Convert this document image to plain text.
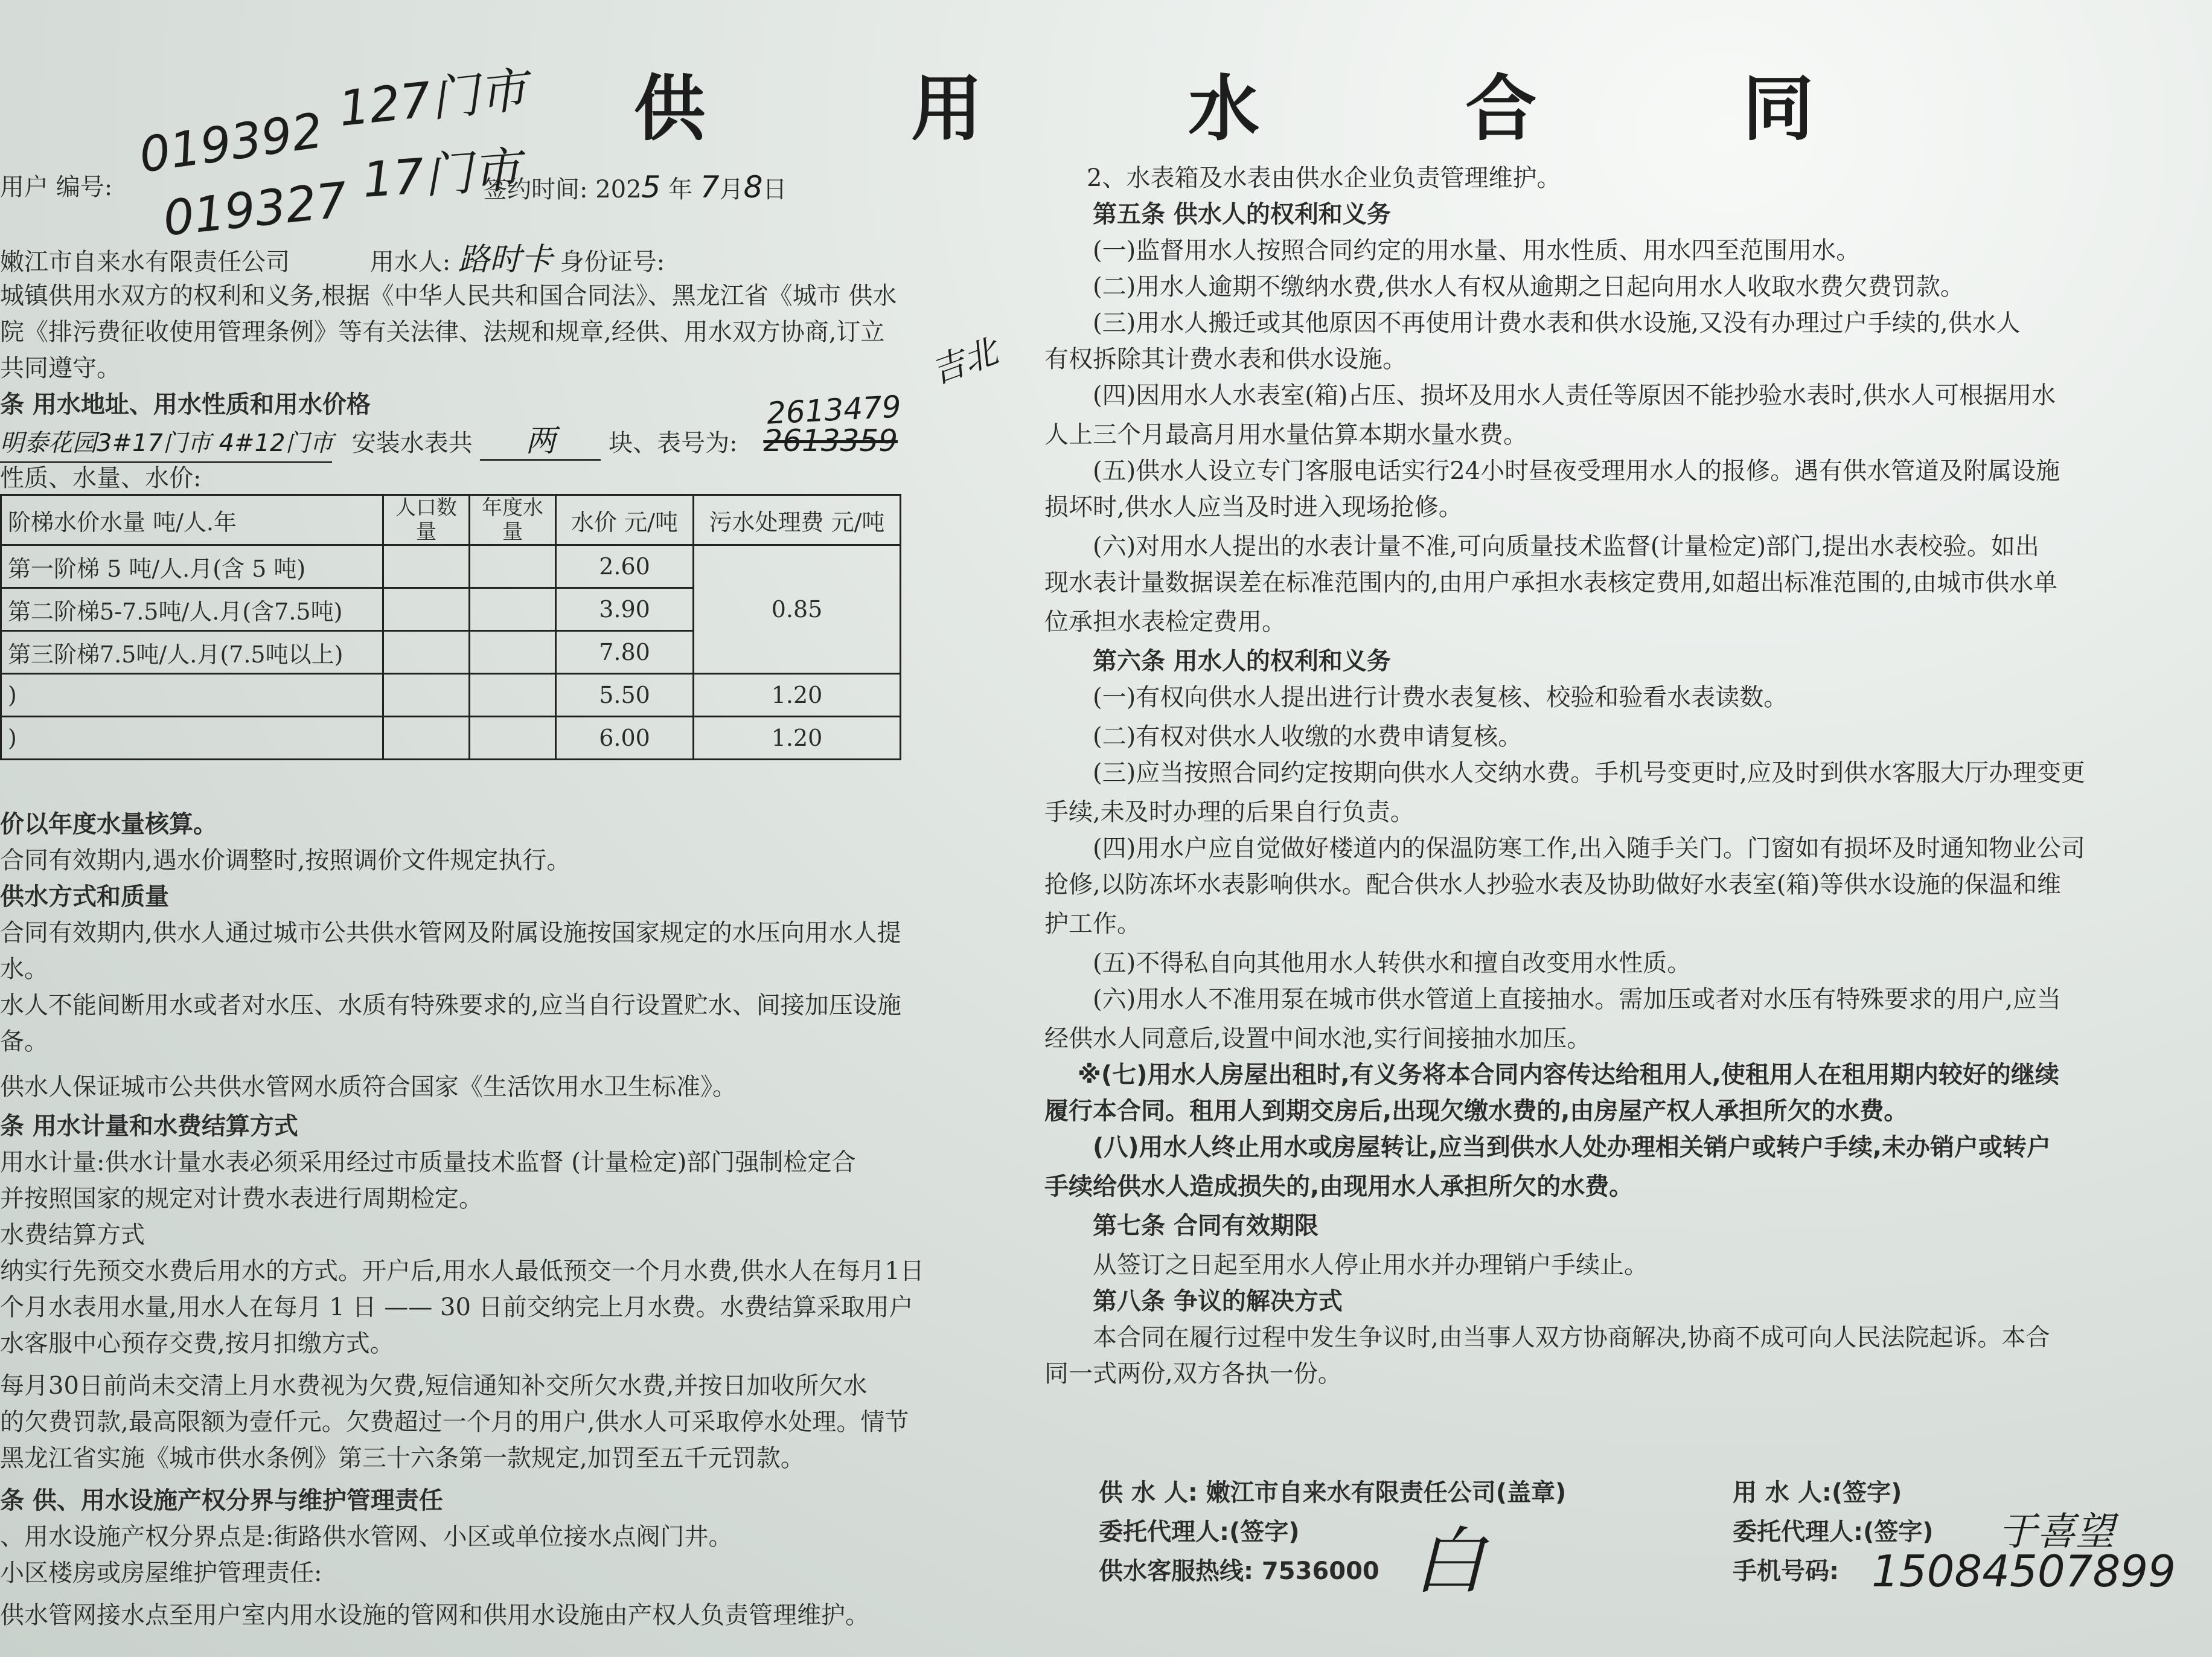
供 用 水 合 同
019392
019327
127门市
17门市
用户 编号:	签约时间: 2025 年 7月8日
嫩江市自来水有限责任公司	用水人: 路时卡 身份证号:
城镇供用水双方的权利和义务,根据《中华人民共和国合同法》、黑龙江省《城市 供水
院《排污费征收使用管理条例》等有关法律、法规和规章,经供、用水双方协商,订立
共同遵守。	吉北
条 用水地址、用水性质和用水价格	2613479
明泰花园3#17门市 4#12门市 安装水表共 两 块、表号为: 2613359
性质、水量、水价:
阶梯水价水量 吨/人.年	人口数量	年度水量	水价 元/吨	污水处理费 元/吨
第一阶梯 5 吨/人.月(含 5 吨)			2.60	0.85
第二阶梯5-7.5吨/人.月(含7.5吨)			3.90	
第三阶梯7.5吨/人.月(7.5吨以上)			7.80	
)			5.50	1.20
)			6.00	1.20
价以年度水量核算。
合同有效期内,遇水价调整时,按照调价文件规定执行。
供水方式和质量
合同有效期内,供水人通过城市公共供水管网及附属设施按国家规定的水压向用水人提
水。
水人不能间断用水或者对水压、水质有特殊要求的,应当自行设置贮水、间接加压设施
备。
供水人保证城市公共供水管网水质符合国家《生活饮用水卫生标准》。
条 用水计量和水费结算方式
用水计量:供水计量水表必须采用经过市质量技术监督 (计量检定)部门强制检定合
并按照国家的规定对计费水表进行周期检定。
水费结算方式
纳实行先预交水费后用水的方式。开户后,用水人最低预交一个月水费,供水人在每月1日
个月水表用水量,用水人在每月 1 日 —— 30 日前交纳完上月水费。水费结算采取用户
水客服中心预存交费,按月扣缴方式。
每月30日前尚未交清上月水费视为欠费,短信通知补交所欠水费,并按日加收所欠水
的欠费罚款,最高限额为壹仟元。欠费超过一个月的用户,供水人可采取停水处理。情节
黑龙江省实施《城市供水条例》第三十六条第一款规定,加罚至五千元罚款。
条 供、用水设施产权分界与维护管理责任
、用水设施产权分界点是:街路供水管网、小区或单位接水点阀门井。
小区楼房或房屋维护管理责任:
供水管网接水点至用户室内用水设施的管网和供用水设施由产权人负责管理维护。
2、水表箱及水表由供水企业负责管理维护。
第五条 供水人的权利和义务
(一)监督用水人按照合同约定的用水量、用水性质、用水四至范围用水。
(二)用水人逾期不缴纳水费,供水人有权从逾期之日起向用水人收取水费欠费罚款。
(三)用水人搬迁或其他原因不再使用计费水表和供水设施,又没有办理过户手续的,供水人
有权拆除其计费水表和供水设施。
(四)因用水人水表室(箱)占压、损坏及用水人责任等原因不能抄验水表时,供水人可根据用水
人上三个月最高月用水量估算本期水量水费。
(五)供水人设立专门客服电话实行24小时昼夜受理用水人的报修。遇有供水管道及附属设施
损坏时,供水人应当及时进入现场抢修。
(六)对用水人提出的水表计量不准,可向质量技术监督(计量检定)部门,提出水表校验。如出
现水表计量数据误差在标准范围内的,由用户承担水表核定费用,如超出标准范围的,由城市供水单
位承担水表检定费用。
第六条 用水人的权利和义务
(一)有权向供水人提出进行计费水表复核、校验和验看水表读数。
(二)有权对供水人收缴的水费申请复核。
(三)应当按照合同约定按期向供水人交纳水费。手机号变更时,应及时到供水客服大厅办理变更
手续,未及时办理的后果自行负责。
(四)用水户应自觉做好楼道内的保温防寒工作,出入随手关门。门窗如有损坏及时通知物业公司
抢修,以防冻坏水表影响供水。配合供水人抄验水表及协助做好水表室(箱)等供水设施的保温和维
护工作。
(五)不得私自向其他用水人转供水和擅自改变用水性质。
(六)用水人不准用泵在城市供水管道上直接抽水。需加压或者对水压有特殊要求的用户,应当
经供水人同意后,设置中间水池,实行间接抽水加压。
※(七)用水人房屋出租时,有义务将本合同内容传达给租用人,使租用人在租用期内较好的继续
履行本合同。租用人到期交房后,出现欠缴水费的,由房屋产权人承担所欠的水费。
(八)用水人终止用水或房屋转让,应当到供水人处办理相关销户或转户手续,未办销户或转户
手续给供水人造成损失的,由现用水人承担所欠的水费。
第七条 合同有效期限
从签订之日起至用水人停止用水并办理销户手续止。
第八条 争议的解决方式
本合同在履行过程中发生争议时,由当事人双方协商解决,协商不成可向人民法院起诉。本合
同一式两份,双方各执一份。
供 水 人: 嫩江市自来水有限责任公司(盖章)
委托代理人:(签字)
供水客服热线: 7536000 白
用 水 人:(签字)
委托代理人:(签字)
手机号码:
于喜望
15084507899
